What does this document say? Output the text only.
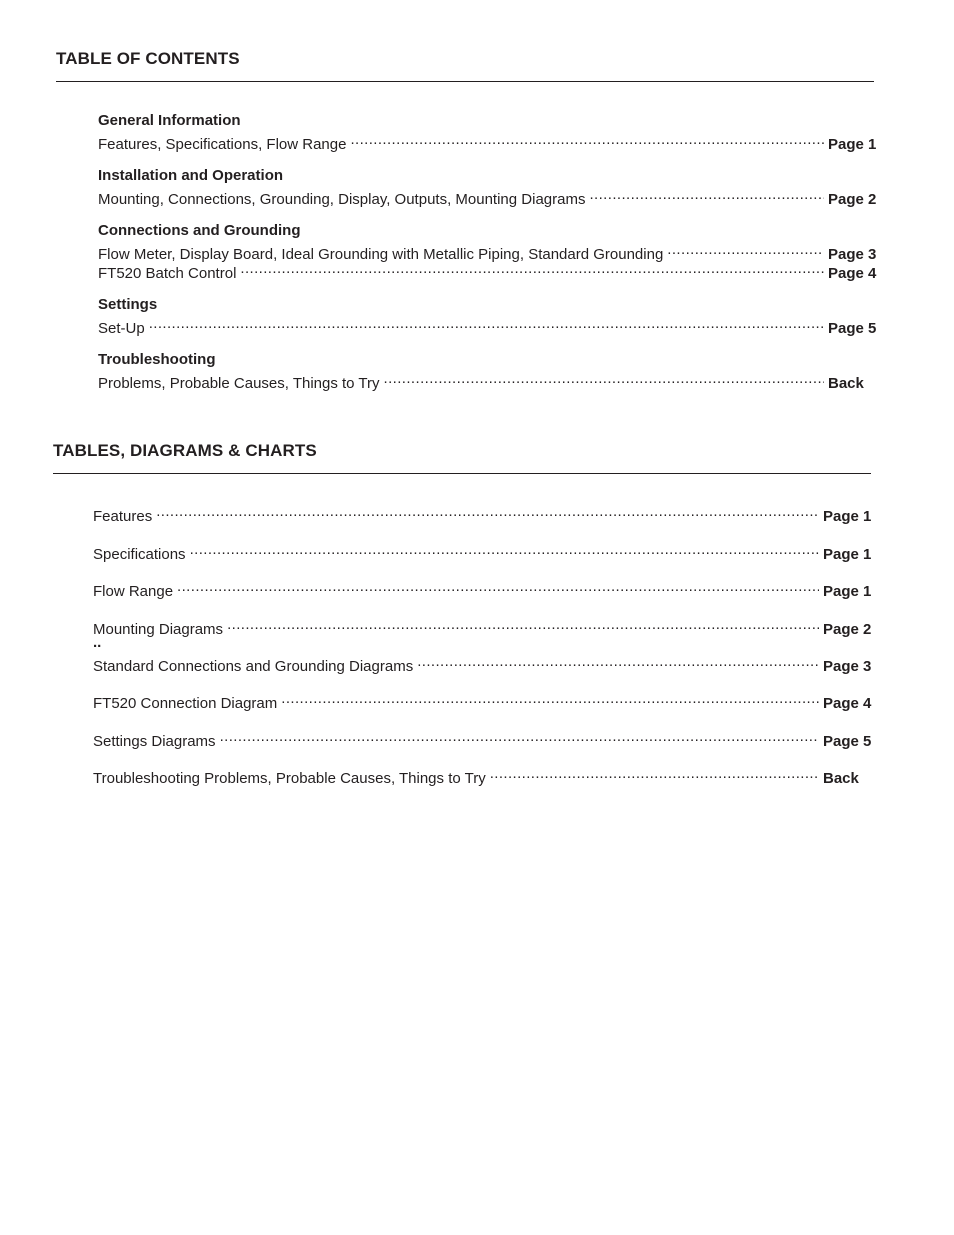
TABLE OF CONTENTS
General Information
Features, Specifications, Flow Range .....	Page 1
Installation and Operation
Mounting, Connections, Grounding, Display, Outputs, Mounting Diagrams .....	Page 2
Connections and Grounding
Flow Meter, Display Board, Ideal Grounding with Metallic Piping, Standard Grounding .....	Page 3
FT520 Batch Control .....	Page 4
Settings
Set-Up .....	Page 5
Troubleshooting
Problems, Probable Causes, Things to Try .....	Back
TABLES, DIAGRAMS & CHARTS
Features .....	Page 1
Specifications .....	Page 1
Flow Range .....	Page 1
Mounting Diagrams .....	Page 2
..
Standard Connections and Grounding Diagrams .....	Page 3
FT520 Connection Diagram .....	Page 4
Settings Diagrams .....	Page 5
Troubleshooting Problems, Probable Causes, Things to Try .....	Back
